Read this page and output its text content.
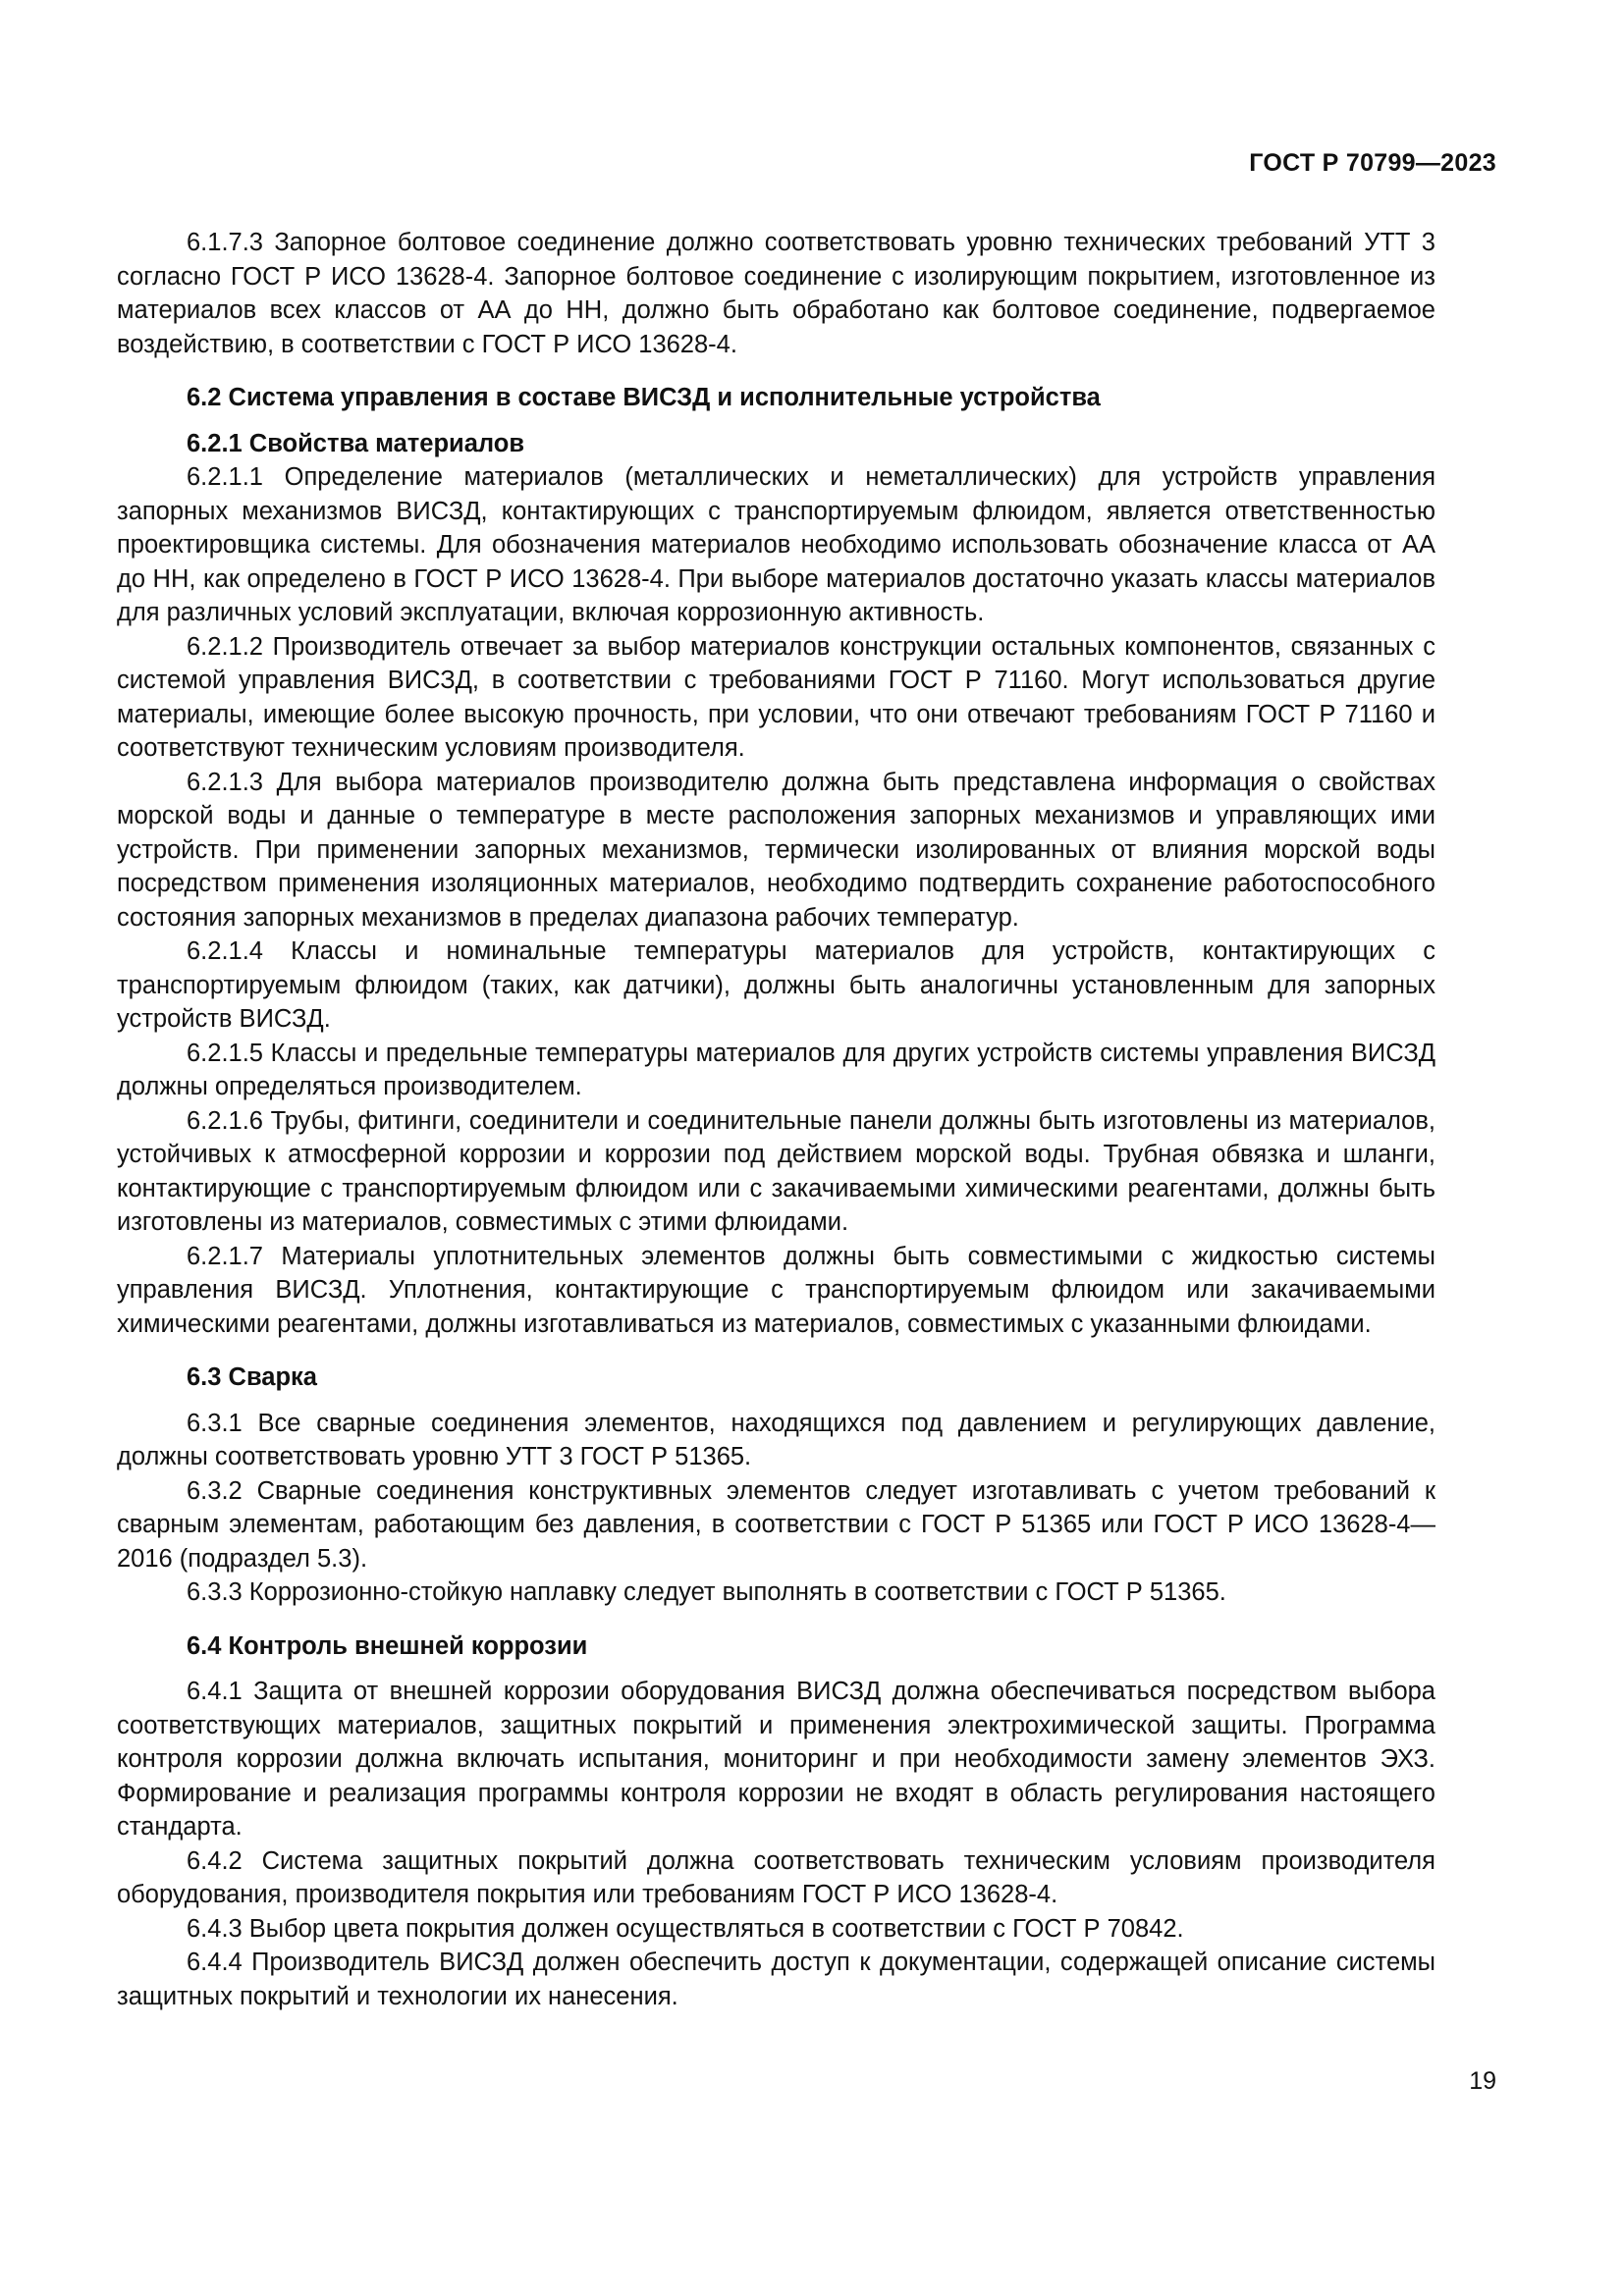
ГОСТ Р 70799—2023

6.1.7.3 Запорное болтовое соединение должно соответствовать уровню технических требований УТТ 3 согласно ГОСТ Р ИСО 13628-4. Запорное болтовое соединение с изолирующим покрытием, изготовленное из материалов всех классов от АА до НН, должно быть обработано как болтовое соединение, подвергаемое воздействию, в соответствии с ГОСТ Р ИСО 13628-4.

6.2 Система управления в составе ВИСЗД и исполнительные устройства
6.2.1 Свойства материалов

6.2.1.1 Определение материалов (металлических и неметаллических) для устройств управления запорных механизмов ВИСЗД, контактирующих с транспортируемым флюидом, является ответственностью проектировщика системы. Для обозначения материалов необходимо использовать обозначение класса от АА до НН, как определено в ГОСТ Р ИСО 13628-4. При выборе материалов достаточно указать классы материалов для различных условий эксплуатации, включая коррозионную активность.

6.2.1.2 Производитель отвечает за выбор материалов конструкции остальных компонентов, связанных с системой управления ВИСЗД, в соответствии с требованиями ГОСТ Р 71160. Могут использоваться другие материалы, имеющие более высокую прочность, при условии, что они отвечают требованиям ГОСТ Р 71160 и соответствуют техническим условиям производителя.

6.2.1.3 Для выбора материалов производителю должна быть представлена информация о свойствах морской воды и данные о температуре в месте расположения запорных механизмов и управляющих ими устройств. При применении запорных механизмов, термически изолированных от влияния морской воды посредством применения изоляционных материалов, необходимо подтвердить сохранение работоспособного состояния запорных механизмов в пределах диапазона рабочих температур.

6.2.1.4 Классы и номинальные температуры материалов для устройств, контактирующих с транспортируемым флюидом (таких, как датчики), должны быть аналогичны установленным для запорных устройств ВИСЗД.

6.2.1.5 Классы и предельные температуры материалов для других устройств системы управления ВИСЗД должны определяться производителем.

6.2.1.6 Трубы, фитинги, соединители и соединительные панели должны быть изготовлены из материалов, устойчивых к атмосферной коррозии и коррозии под действием морской воды. Трубная обвязка и шланги, контактирующие с транспортируемым флюидом или с закачиваемыми химическими реагентами, должны быть изготовлены из материалов, совместимых с этими флюидами.

6.2.1.7 Материалы уплотнительных элементов должны быть совместимыми с жидкостью системы управления ВИСЗД. Уплотнения, контактирующие с транспортируемым флюидом или закачиваемыми химическими реагентами, должны изготавливаться из материалов, совместимых с указанными флюидами.

6.3 Сварка

6.3.1 Все сварные соединения элементов, находящихся под давлением и регулирующих давление, должны соответствовать уровню УТТ 3 ГОСТ Р 51365.

6.3.2 Сварные соединения конструктивных элементов следует изготавливать с учетом требований к сварным элементам, работающим без давления, в соответствии с ГОСТ Р 51365 или ГОСТ Р ИСО 13628-4—2016 (подраздел 5.3).

6.3.3 Коррозионно-стойкую наплавку следует выполнять в соответствии с ГОСТ Р 51365.

6.4 Контроль внешней коррозии

6.4.1 Защита от внешней коррозии оборудования ВИСЗД должна обеспечиваться посредством выбора соответствующих материалов, защитных покрытий и применения электрохимической защиты. Программа контроля коррозии должна включать испытания, мониторинг и при необходимости замену элементов ЭХЗ. Формирование и реализация программы контроля коррозии не входят в область регулирования настоящего стандарта.

6.4.2 Система защитных покрытий должна соответствовать техническим условиям производителя оборудования, производителя покрытия или требованиям ГОСТ Р ИСО 13628-4.

6.4.3 Выбор цвета покрытия должен осуществляться в соответствии с ГОСТ Р 70842.

6.4.4 Производитель ВИСЗД должен обеспечить доступ к документации, содержащей описание системы защитных покрытий и технологии их нанесения.

19
